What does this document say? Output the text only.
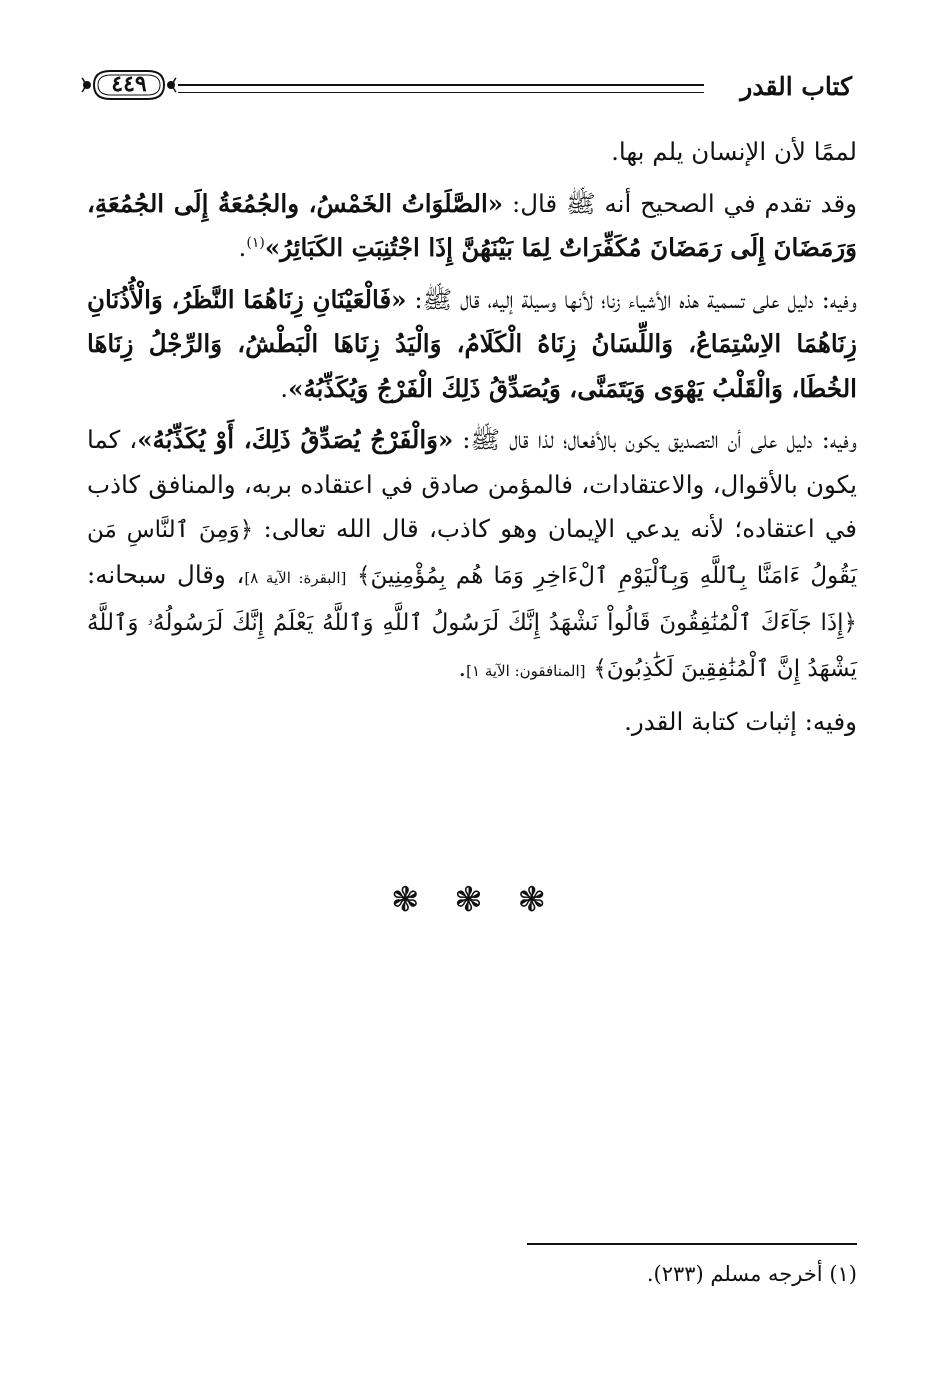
كتاب القدر
٤٤٩

لممًا لأن الإنسان يلم بها.

وقد تقدم في الصحيح أنه ﷺ قال: «الصَّلَوَاتُ الخَمْسُ، والجُمُعَةُ إِلَى الجُمُعَةِ، وَرَمَضَانَ إِلَى رَمَضَانَ مُكَفِّرَاتٌ لِمَا بَيْنَهُنَّ إِذَا اجْتُنِبَتِ الكَبَائِرُ»$^{(١)}$.

وفيه: دليل على تسمية هذه الأشياء زنا؛ لأنها وسيلة إليه، قال ﷺ: «فَالْعَيْنَانِ زِنَاهُمَا النَّظَرُ، وَالْأُذُنَانِ زِنَاهُمَا الاِسْتِمَاعُ، وَاللِّسَانُ زِنَاهُ الْكَلَامُ، وَالْيَدُ زِنَاهَا الْبَطْشُ، وَالرِّجْلُ زِنَاهَا الخُطَا، وَالْقَلْبُ يَهْوَى وَيَتَمَنَّى، وَيُصَدِّقُ ذَلِكَ الْفَرْجُ وَيُكَذِّبُهُ».

وفيه: دليل على أن التصديق يكون بالأفعال؛ لذا قال ﷺ: «وَالْفَرْجُ يُصَدِّقُ ذَلِكَ، أَوْ يُكَذِّبُهُ»، كما يكون بالأقوال، والاعتقادات، فالمؤمن صادق في اعتقاده بربه، والمنافق كاذب في اعتقاده؛ لأنه يدعي الإيمان وهو كاذب، قال الله تعالى: ﴿وَمِنَ ٱلنَّاسِ مَن يَقُولُ ءَامَنَّا بِٱللَّهِ وَبِٱلْيَوْمِ ٱلْءَاخِرِ وَمَا هُم بِمُؤْمِنِينَ﴾ [البقرة: الآية ٨]، وقال سبحانه: ﴿إِذَا جَآءَكَ ٱلْمُنَٰفِقُونَ قَالُواْ نَشْهَدُ إِنَّكَ لَرَسُولُ ٱللَّهِ وَٱللَّهُ يَعْلَمُ إِنَّكَ لَرَسُولُهُۥ وَٱللَّهُ يَشْهَدُ إِنَّ ٱلْمُنَٰفِقِينَ لَكَٰذِبُونَ﴾ [المنافقون: الآية ١].

وفيه: إثبات كتابة القدر.

❃ ❃ ❃
(١) أخرجه مسلم (٢٣٣).
